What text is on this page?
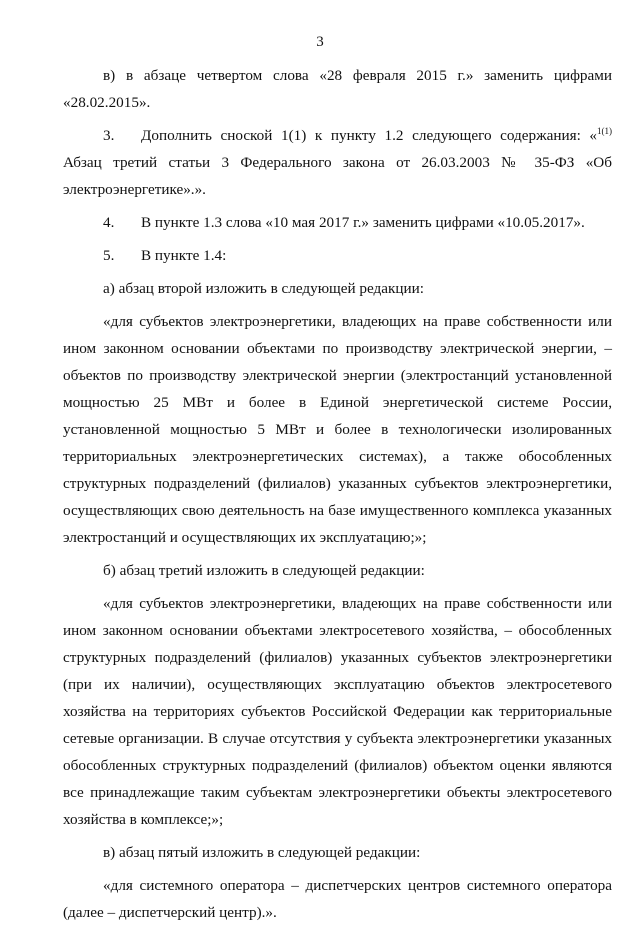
3

в) в абзаце четвертом слова «28 февраля 2015 г.» заменить цифрами «28.02.2015».

3. Дополнить сноской 1(1) к пункту 1.2 следующего содержания: «$^{1(1)}$ Абзац третий статьи 3 Федерального закона от 26.03.2003 № 35-ФЗ «Об электроэнергетике».».

4. В пункте 1.3 слова «10 мая 2017 г.» заменить цифрами «10.05.2017».

5. В пункте 1.4:

а) абзац второй изложить в следующей редакции:

«для субъектов электроэнергетики, владеющих на праве собственности или ином законном основании объектами по производству электрической энергии, – объектов по производству электрической энергии (электростанций установленной мощностью 25 МВт и более в Единой энергетической системе России, установленной мощностью 5 МВт и более в технологически изолированных территориальных электроэнергетических системах), а также обособленных структурных подразделений (филиалов) указанных субъектов электроэнергетики, осуществляющих свою деятельность на базе имущественного комплекса указанных электростанций и осуществляющих их эксплуатацию;»;

б) абзац третий изложить в следующей редакции:

«для субъектов электроэнергетики, владеющих на праве собственности или ином законном основании объектами электросетевого хозяйства, – обособленных структурных подразделений (филиалов) указанных субъектов электроэнергетики (при их наличии), осуществляющих эксплуатацию объектов электросетевого хозяйства на территориях субъектов Российской Федерации как территориальные сетевые организации. В случае отсутствия у субъекта электроэнергетики указанных обособленных структурных подразделений (филиалов) объектом оценки являются все принадлежащие таким субъектам электроэнергетики объекты электросетевого хозяйства в комплексе;»;

в) абзац пятый изложить в следующей редакции:

«для системного оператора – диспетчерских центров системного оператора (далее – диспетчерский центр).».
